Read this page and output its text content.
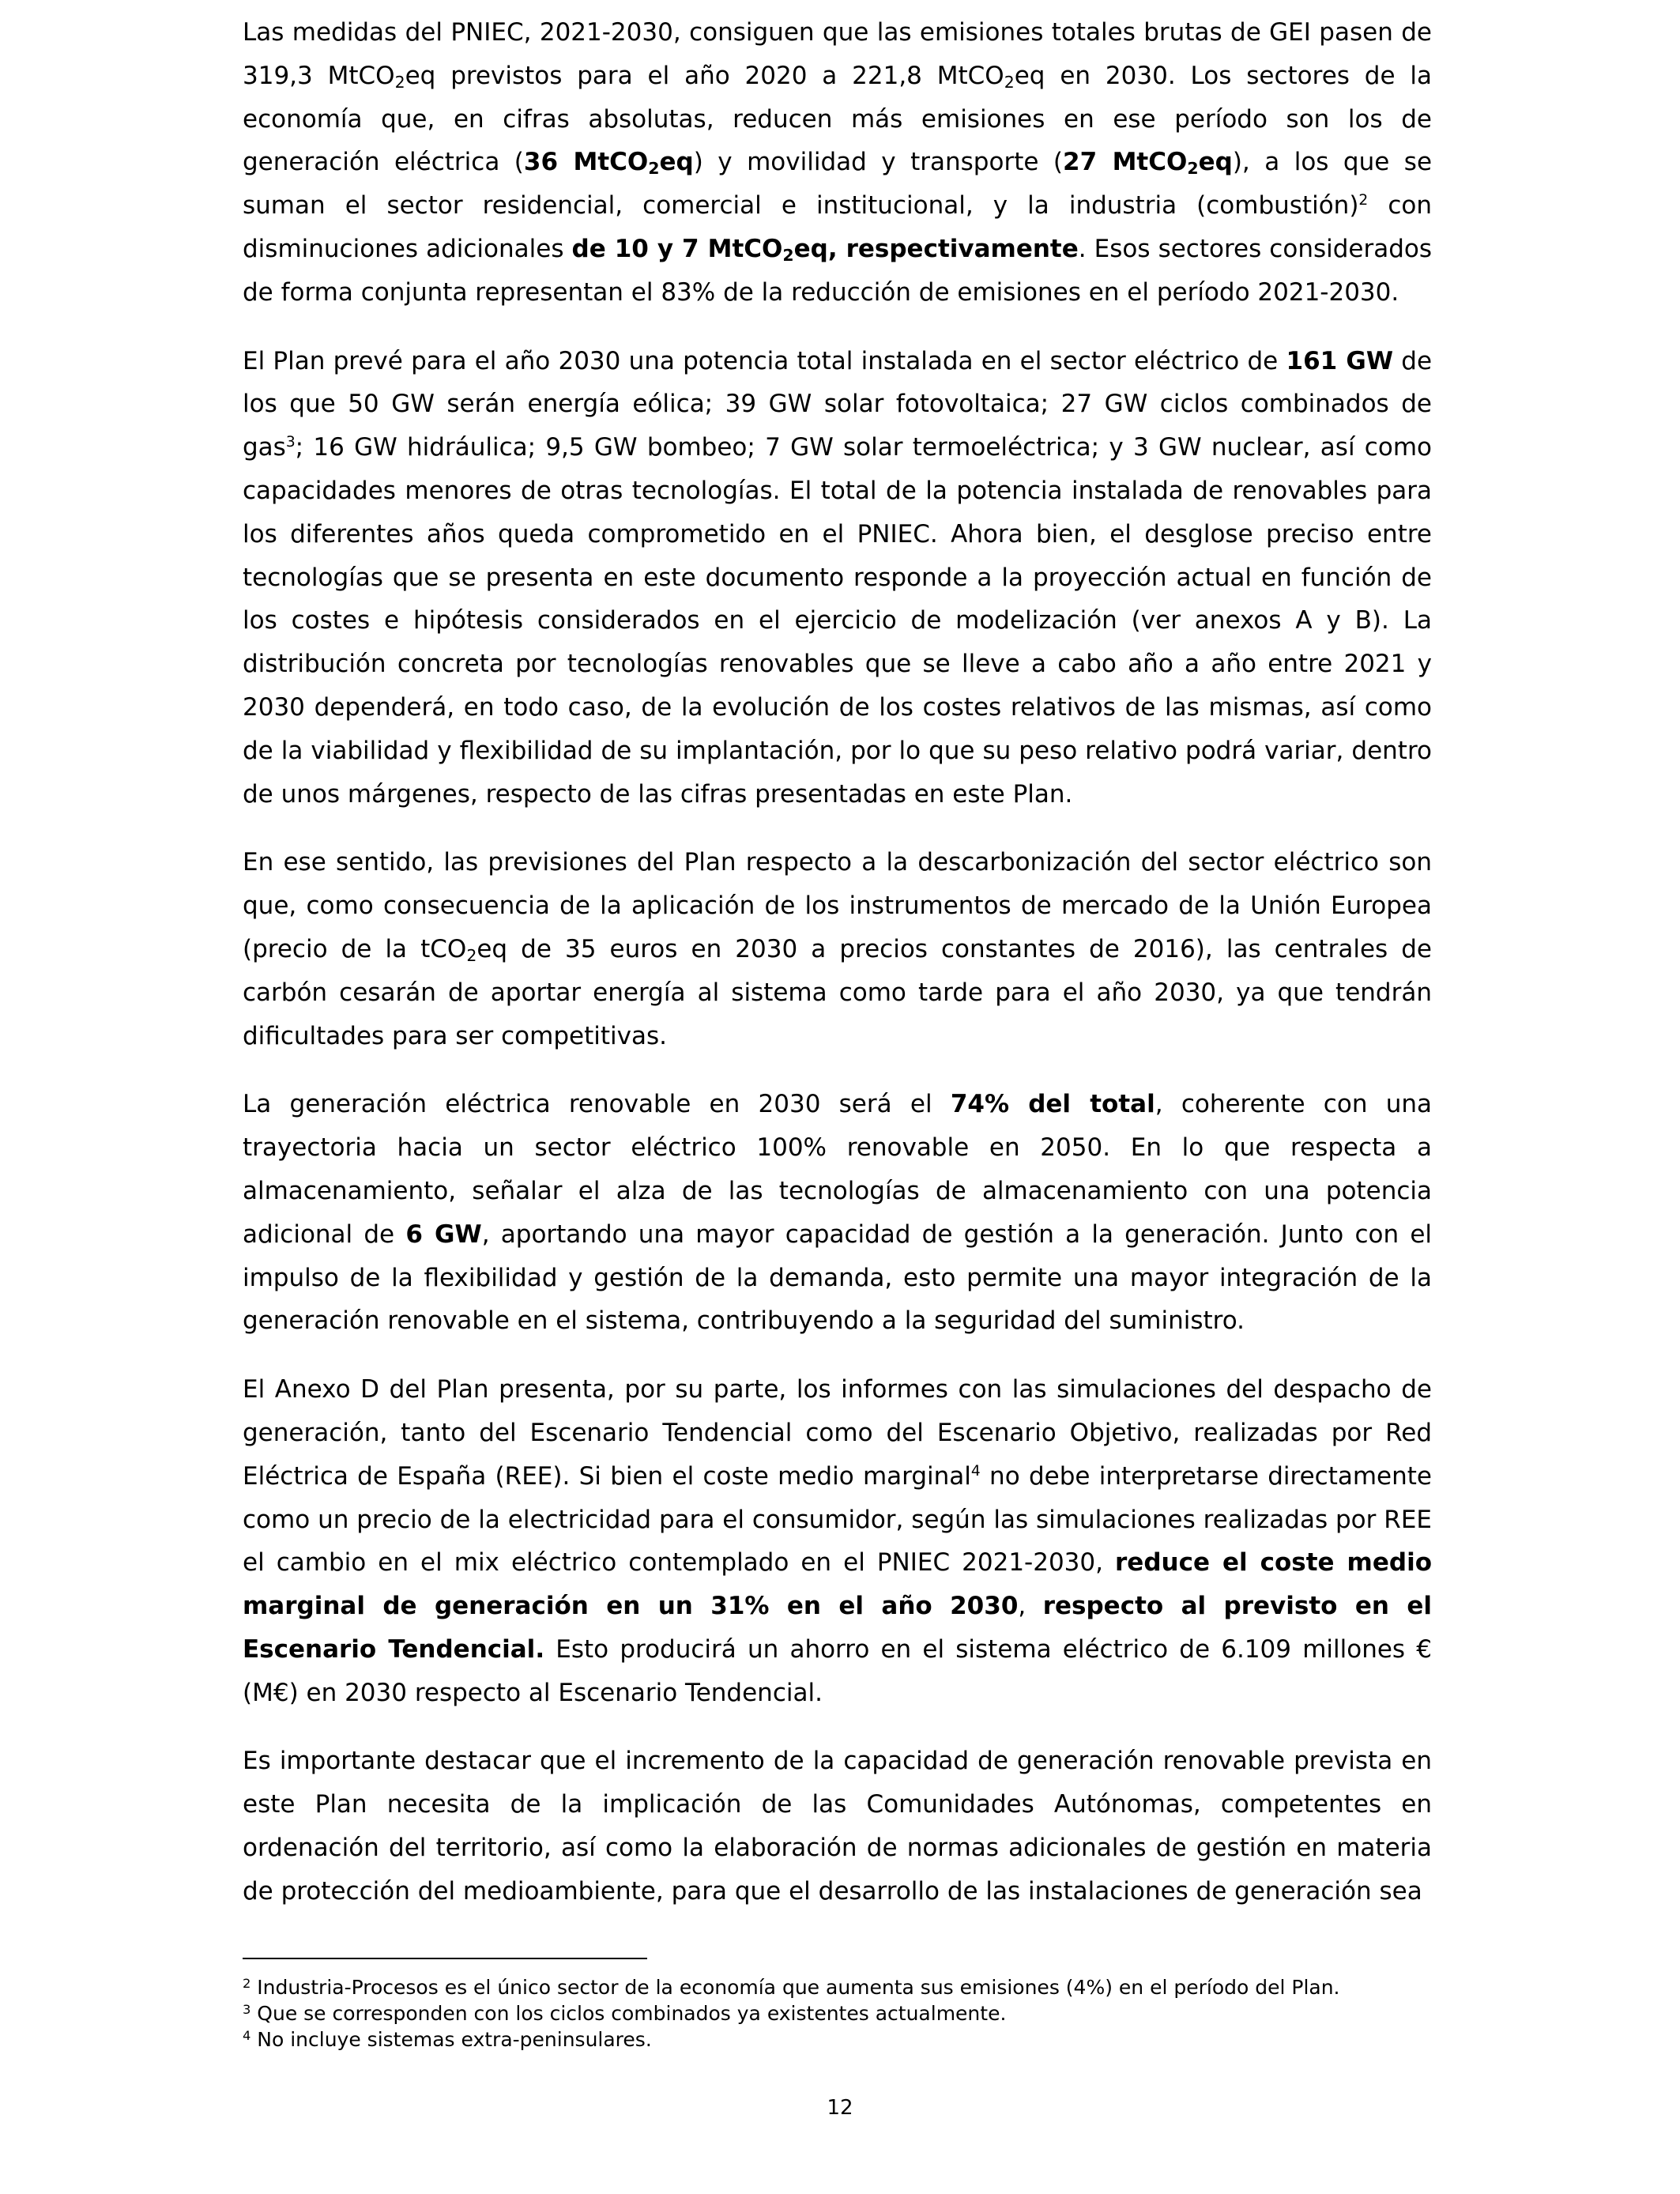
Las medidas del PNIEC, 2021-2030, consiguen que las emisiones totales brutas de GEI pasen de 319,3 MtCO$_2$eq previstos para el año 2020 a 221,8 MtCO$_2$eq en 2030. Los sectores de la economía que, en cifras absolutas, reducen más emisiones en ese período son los de generación eléctrica (36 MtCO$_2$eq) y movilidad y transporte (27 MtCO$_2$eq), a los que se suman el sector residencial, comercial e institucional, y la industria (combustión)$^2$ con disminuciones adicionales de 10 y 7 MtCO$_2$eq, respectivamente. Esos sectores considerados de forma conjunta representan el 83% de la reducción de emisiones en el período 2021-2030.

El Plan prevé para el año 2030 una potencia total instalada en el sector eléctrico de 161 GW de los que 50 GW serán energía eólica; 39 GW solar fotovoltaica; 27 GW ciclos combinados de gas$^3$; 16 GW hidráulica; 9,5 GW bombeo; 7 GW solar termoeléctrica; y 3 GW nuclear, así como capacidades menores de otras tecnologías. El total de la potencia instalada de renovables para los diferentes años queda comprometido en el PNIEC. Ahora bien, el desglose preciso entre tecnologías que se presenta en este documento responde a la proyección actual en función de los costes e hipótesis considerados en el ejercicio de modelización (ver anexos A y B). La distribución concreta por tecnologías renovables que se lleve a cabo año a año entre 2021 y 2030 dependerá, en todo caso, de la evolución de los costes relativos de las mismas, así como de la viabilidad y flexibilidad de su implantación, por lo que su peso relativo podrá variar, dentro de unos márgenes, respecto de las cifras presentadas en este Plan.

En ese sentido, las previsiones del Plan respecto a la descarbonización del sector eléctrico son que, como consecuencia de la aplicación de los instrumentos de mercado de la Unión Europea (precio de la tCO$_2$eq de 35 euros en 2030 a precios constantes de 2016), las centrales de carbón cesarán de aportar energía al sistema como tarde para el año 2030, ya que tendrán dificultades para ser competitivas.

La generación eléctrica renovable en 2030 será el 74% del total, coherente con una trayectoria hacia un sector eléctrico 100% renovable en 2050. En lo que respecta a almacenamiento, señalar el alza de las tecnologías de almacenamiento con una potencia adicional de 6 GW, aportando una mayor capacidad de gestión a la generación. Junto con el impulso de la flexibilidad y gestión de la demanda, esto permite una mayor integración de la generación renovable en el sistema, contribuyendo a la seguridad del suministro.

El Anexo D del Plan presenta, por su parte, los informes con las simulaciones del despacho de generación, tanto del Escenario Tendencial como del Escenario Objetivo, realizadas por Red Eléctrica de España (REE). Si bien el coste medio marginal$^4$ no debe interpretarse directamente como un precio de la electricidad para el consumidor, según las simulaciones realizadas por REE el cambio en el mix eléctrico contemplado en el PNIEC 2021-2030, reduce el coste medio marginal de generación en un 31% en el año 2030, respecto al previsto en el Escenario Tendencial. Esto producirá un ahorro en el sistema eléctrico de 6.109 millones € (M€) en 2030 respecto al Escenario Tendencial.

Es importante destacar que el incremento de la capacidad de generación renovable prevista en este Plan necesita de la implicación de las Comunidades Autónomas, competentes en ordenación del territorio, así como la elaboración de normas adicionales de gestión en materia de protección del medioambiente, para que el desarrollo de las instalaciones de generación sea

$^2$ Industria-Procesos es el único sector de la economía que aumenta sus emisiones (4%) en el período del Plan.

$^3$ Que se corresponden con los ciclos combinados ya existentes actualmente.

$^4$ No incluye sistemas extra-peninsulares.

12
